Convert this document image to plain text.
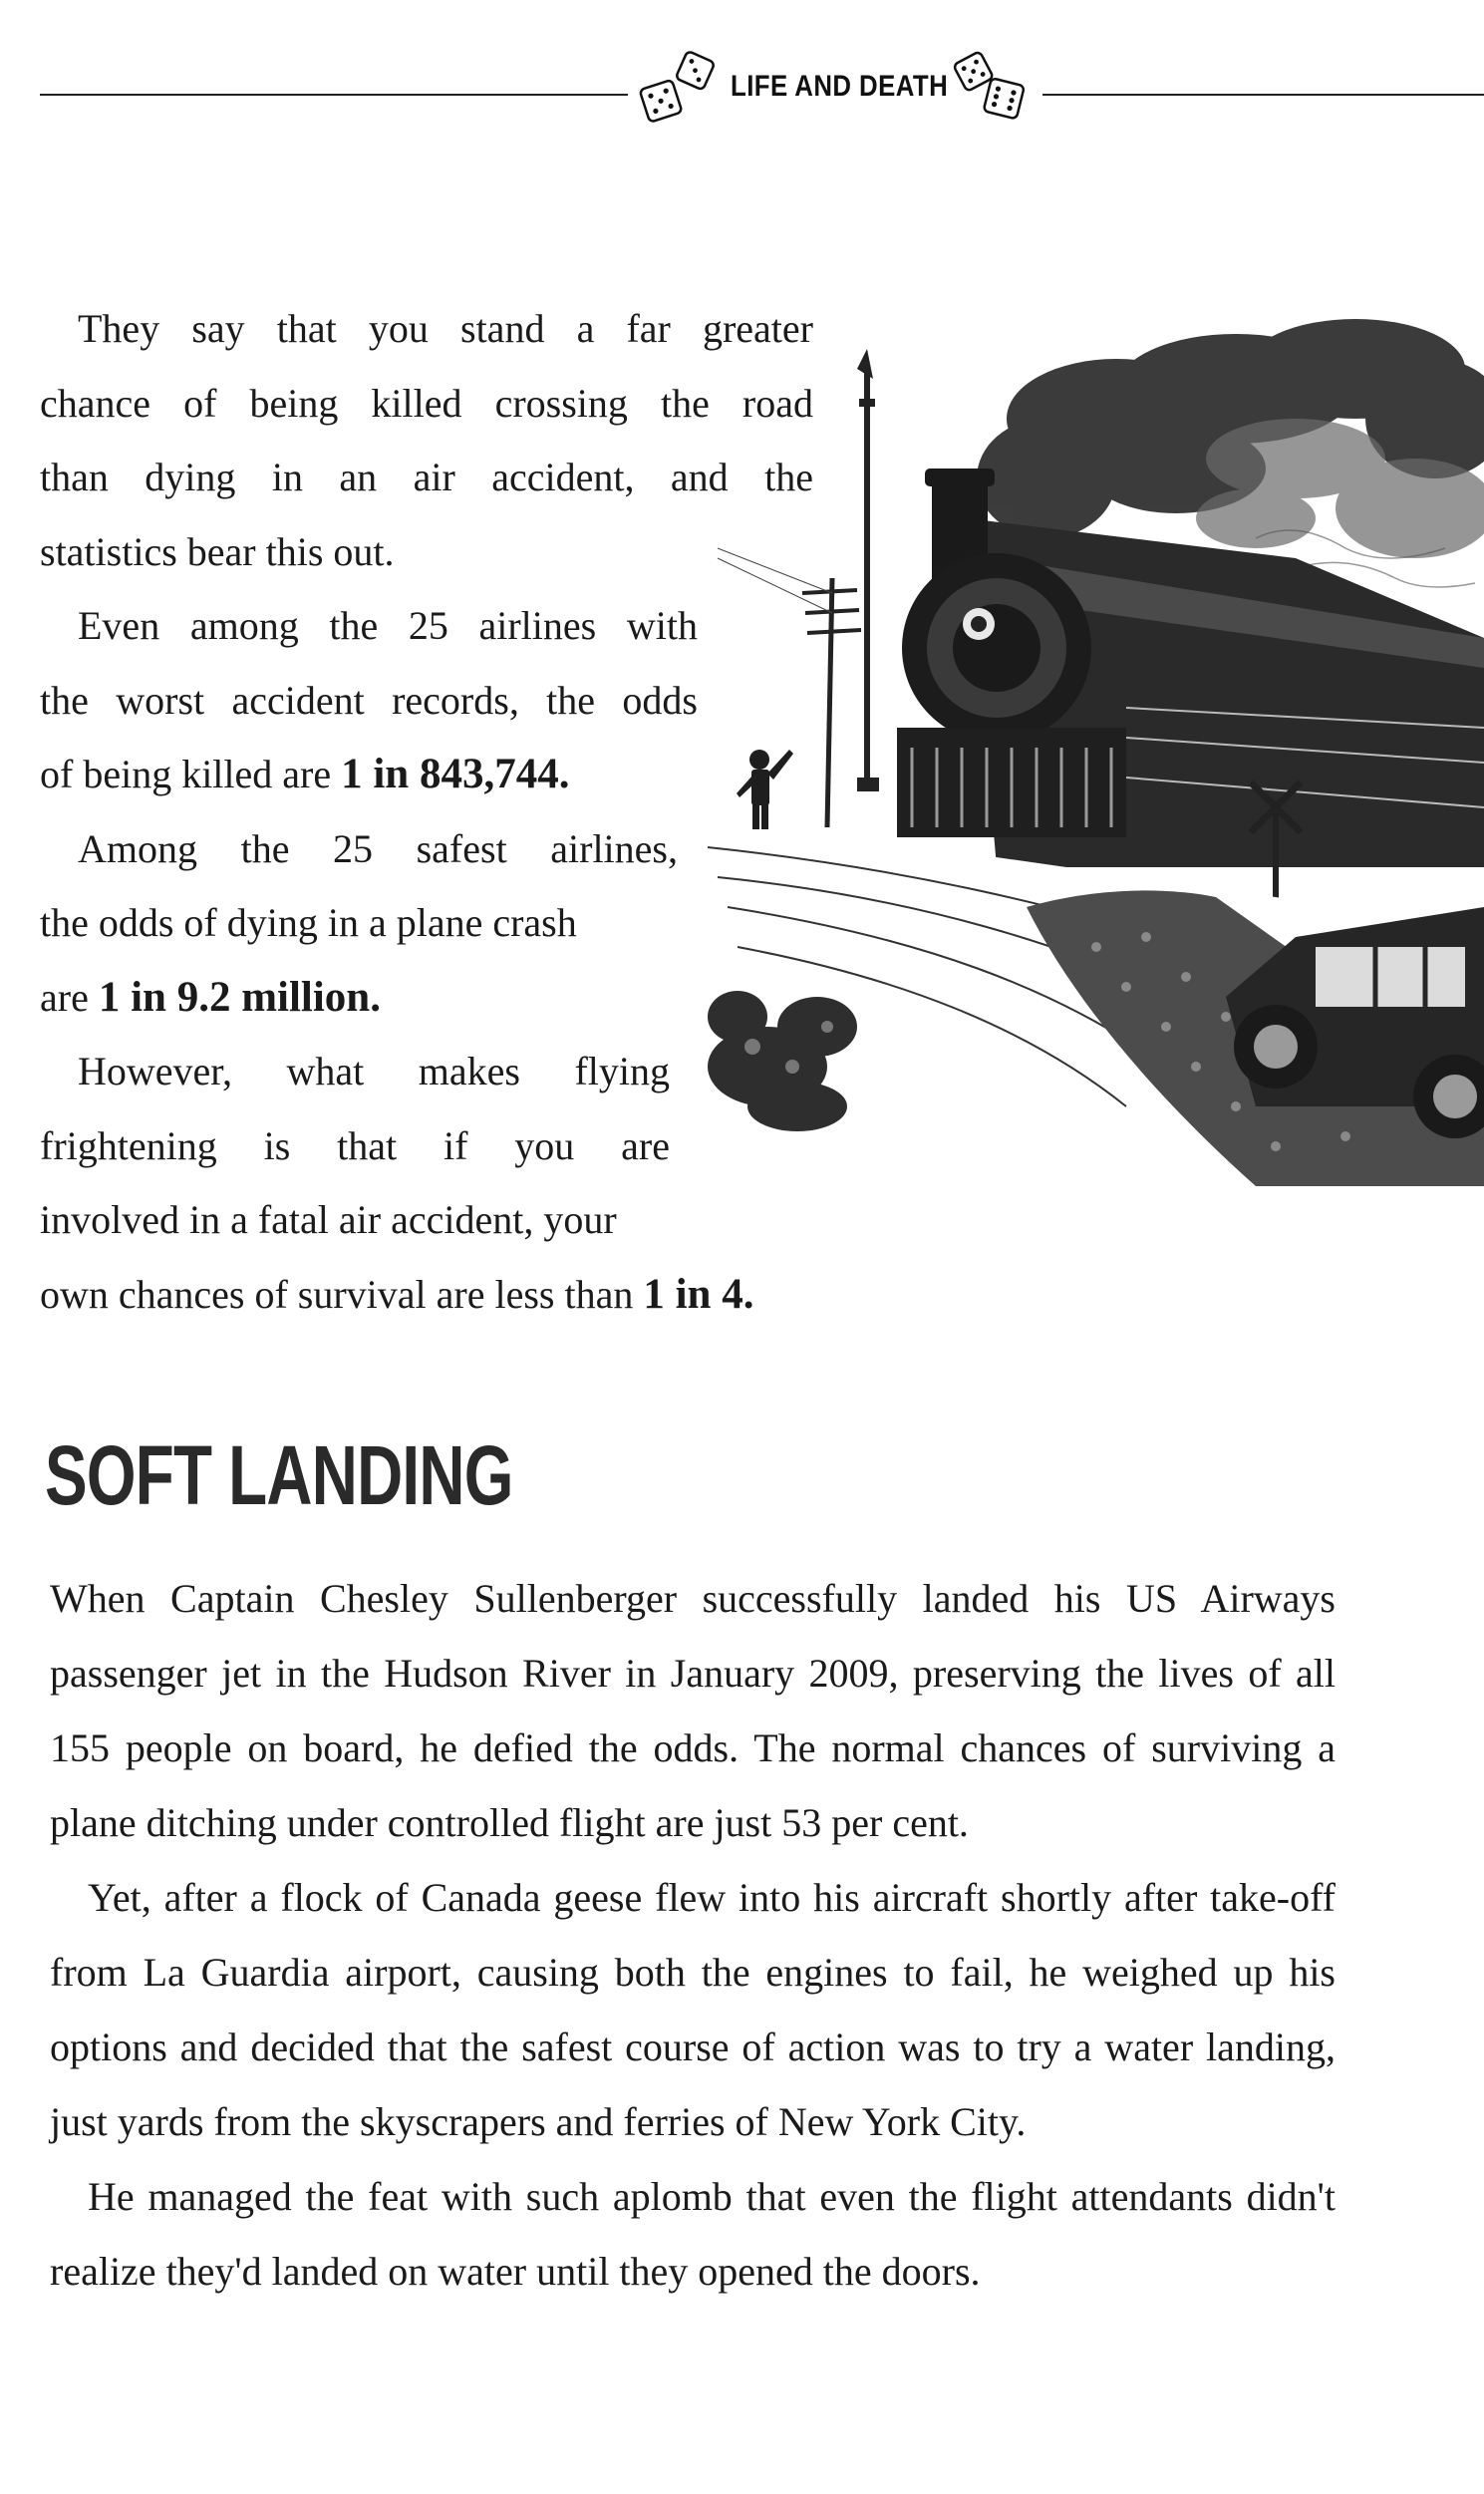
LIFE AND DEATH

They say that you stand a far greater
chance of being killed crossing the road
than dying in an air accident, and the
statistics bear this out.

Even among the 25 airlines with
the worst accident records, the odds
of being killed are 1 in 843,744.

Among the 25 safest airlines,
the odds of dying in a plane crash
are 1 in 9.2 million.

However, what makes flying
frightening is that if you are
involved in a fatal air accident, your
own chances of survival are less than 1 in 4.

SOFT LANDING

When Captain Chesley Sullenberger successfully landed his US Airways passenger jet in the Hudson River in January 2009, preserving the lives of all 155 people on board, he defied the odds. The normal chances of surviving a plane ditching under controlled flight are just 53 per cent.

Yet, after a flock of Canada geese flew into his aircraft shortly after take-off from La Guardia airport, causing both the engines to fail, he weighed up his options and decided that the safest course of action was to try a water landing, just yards from the skyscrapers and ferries of New York City.

He managed the feat with such aplomb that even the flight attendants didn't realize they'd landed on water until they opened the doors.
